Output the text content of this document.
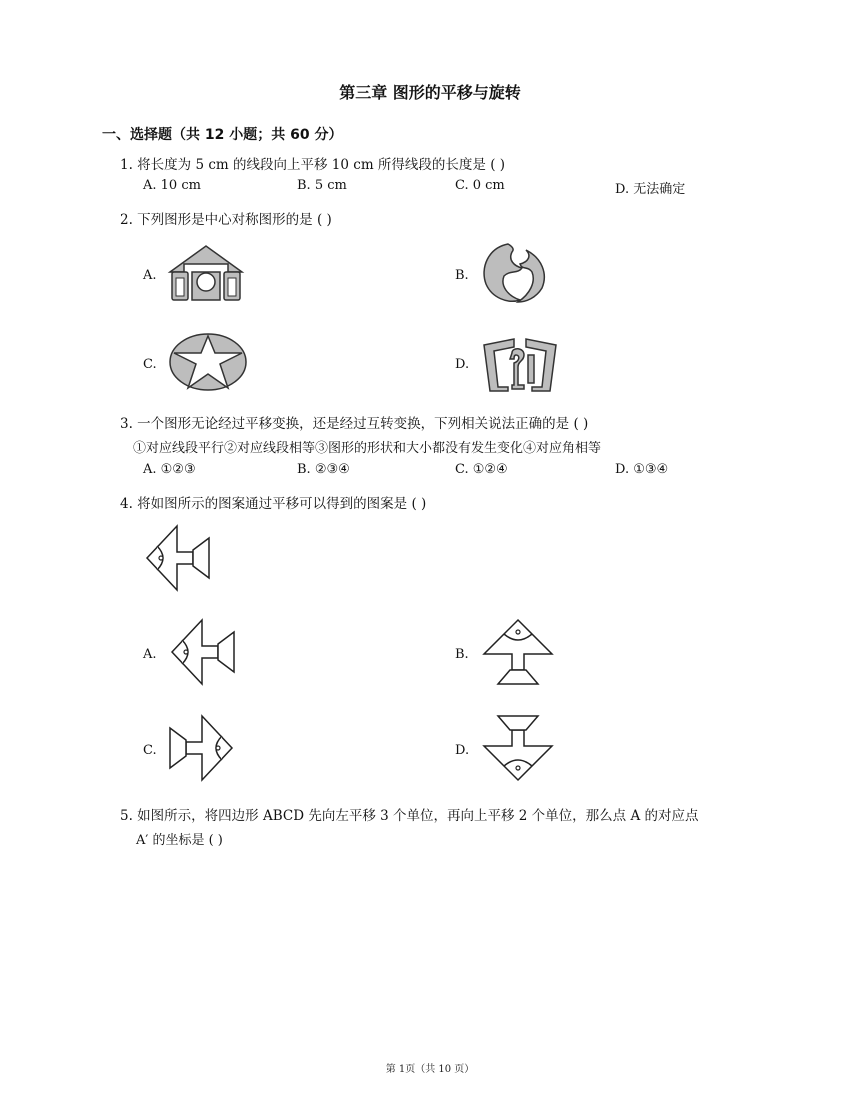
第三章 图形的平移与旋转
一、选择题（共 12 小题；共 60 分）
1. 将长度为 5 cm 的线段向上平移 10 cm 所得线段的长度是 ( )
A. 10 cm	B. 5 cm	C. 0 cm	D. 无法确定
2. 下列图形是中心对称图形的是 ( )
A.	B.
C.	D.
3. 一个图形无论经过平移变换，还是经过互转变换，下列相关说法正确的是 ( )
①对应线段平行②对应线段相等③图形的形状和大小都没有发生变化④对应角相等
A. ①②③	B. ②③④	C. ①②④	D. ①③④
4. 将如图所示的图案通过平移可以得到的图案是 ( )
A.	B.
C.	D.
5. 如图所示，将四边形 ABCD 先向左平移 3 个单位，再向上平移 2 个单位，那么点 A 的对应点
A′ 的坐标是 ( )
第 1页（共 10 页）
